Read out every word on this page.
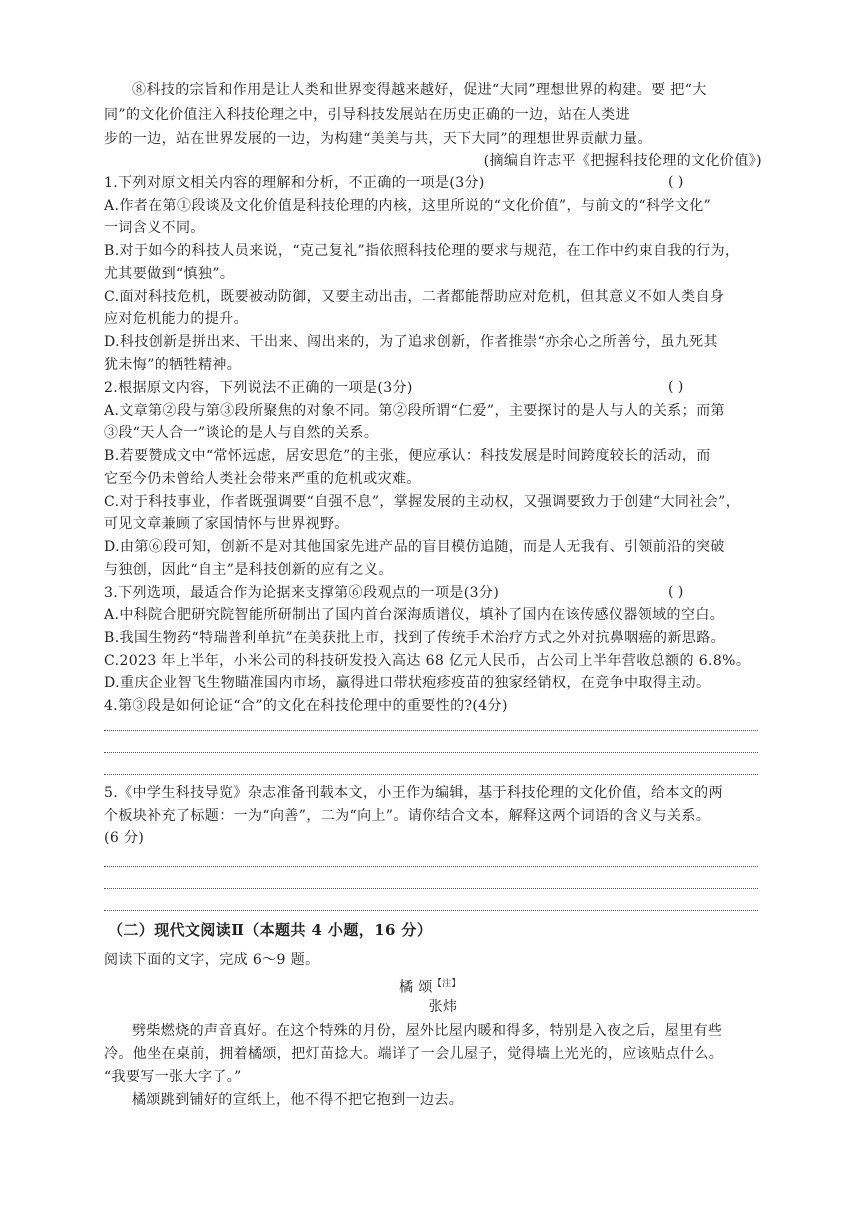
⑧科技的宗旨和作用是让人类和世界变得越来越好，促进“大同”理想世界的构建。要 把“大
同”的文化价值注入科技伦理之中，引导科技发展站在历史正确的一边，站在人类进
步的一边，站在世界发展的一边，为构建“美美与共，天下大同”的理想世界贡献力量。
(摘编自许志平《把握科技伦理的文化价值》)
1.下列对原文相关内容的理解和分析，不正确的一项是(3分)	( )
A.作者在第①段谈及文化价值是科技伦理的内核，这里所说的“文化价值”，与前文的“科学文化”
一词含义不同。
B.对于如今的科技人员来说，“克己复礼”指依照科技伦理的要求与规范，在工作中约束自我的行为，
尤其要做到“慎独”。
C.面对科技危机，既要被动防御，又要主动出击，二者都能帮助应对危机，但其意义不如人类自身
应对危机能力的提升。
D.科技创新是拼出来、干出来、闯出来的，为了追求创新，作者推崇“亦余心之所善兮，虽九死其
犹未悔”的牺牲精神。
2.根据原文内容，下列说法不正确的一项是(3分)	( )
A.文章第②段与第③段所聚焦的对象不同。第②段所谓“仁爱”，主要探讨的是人与人的关系；而第
③段“天人合一”谈论的是人与自然的关系。
B.若要赞成文中“常怀远虑，居安思危”的主张，便应承认：科技发展是时间跨度较长的活动，而
它至今仍未曾给人类社会带来严重的危机或灾难。
C.对于科技事业，作者既强调要“自强不息”，掌握发展的主动权，又强调要致力于创建“大同社会”，
可见文章兼顾了家国情怀与世界视野。
D.由第⑥段可知，创新不是对其他国家先进产品的盲目模仿追随，而是人无我有、引领前沿的突破
与独创，因此“自主”是科技创新的应有之义。
3.下列选项，最适合作为论据来支撑第⑥段观点的一项是(3分)	( )
A.中科院合肥研究院智能所研制出了国内首台深海质谱仪，填补了国内在该传感仪器领域的空白。
B.我国生物药“特瑞普利单抗”在美获批上市，找到了传统手术治疗方式之外对抗鼻咽癌的新思路。
C.2023 年上半年，小米公司的科技研发投入高达 68 亿元人民币，占公司上半年营收总额的 6.8%。
D.重庆企业智飞生物瞄准国内市场，赢得进口带状疱疹疫苗的独家经销权，在竞争中取得主动。
4.第③段是如何论证“合”的文化在科技伦理中的重要性的?(4分)
5.《中学生科技导览》杂志准备刊载本文，小王作为编辑，基于科技伦理的文化价值，给本文的两
个板块补充了标题：一为“向善”，二为“向上”。请你结合文本，解释这两个词语的含义与关系。
(6 分)
（二）现代文阅读Ⅱ（本题共 4 小题，16 分）
阅读下面的文字，完成 6～9 题。
橘 颂$^{【注】}$
张炜
劈柴燃烧的声音真好。在这个特殊的月份，屋外比屋内暖和得多，特别是入夜之后，屋里有些
冷。他坐在桌前，拥着橘颂，把灯苗捻大。端详了一会儿屋子，觉得墙上光光的，应该贴点什么。
“我要写一张大字了。”
橘颂跳到铺好的宣纸上，他不得不把它抱到一边去。
